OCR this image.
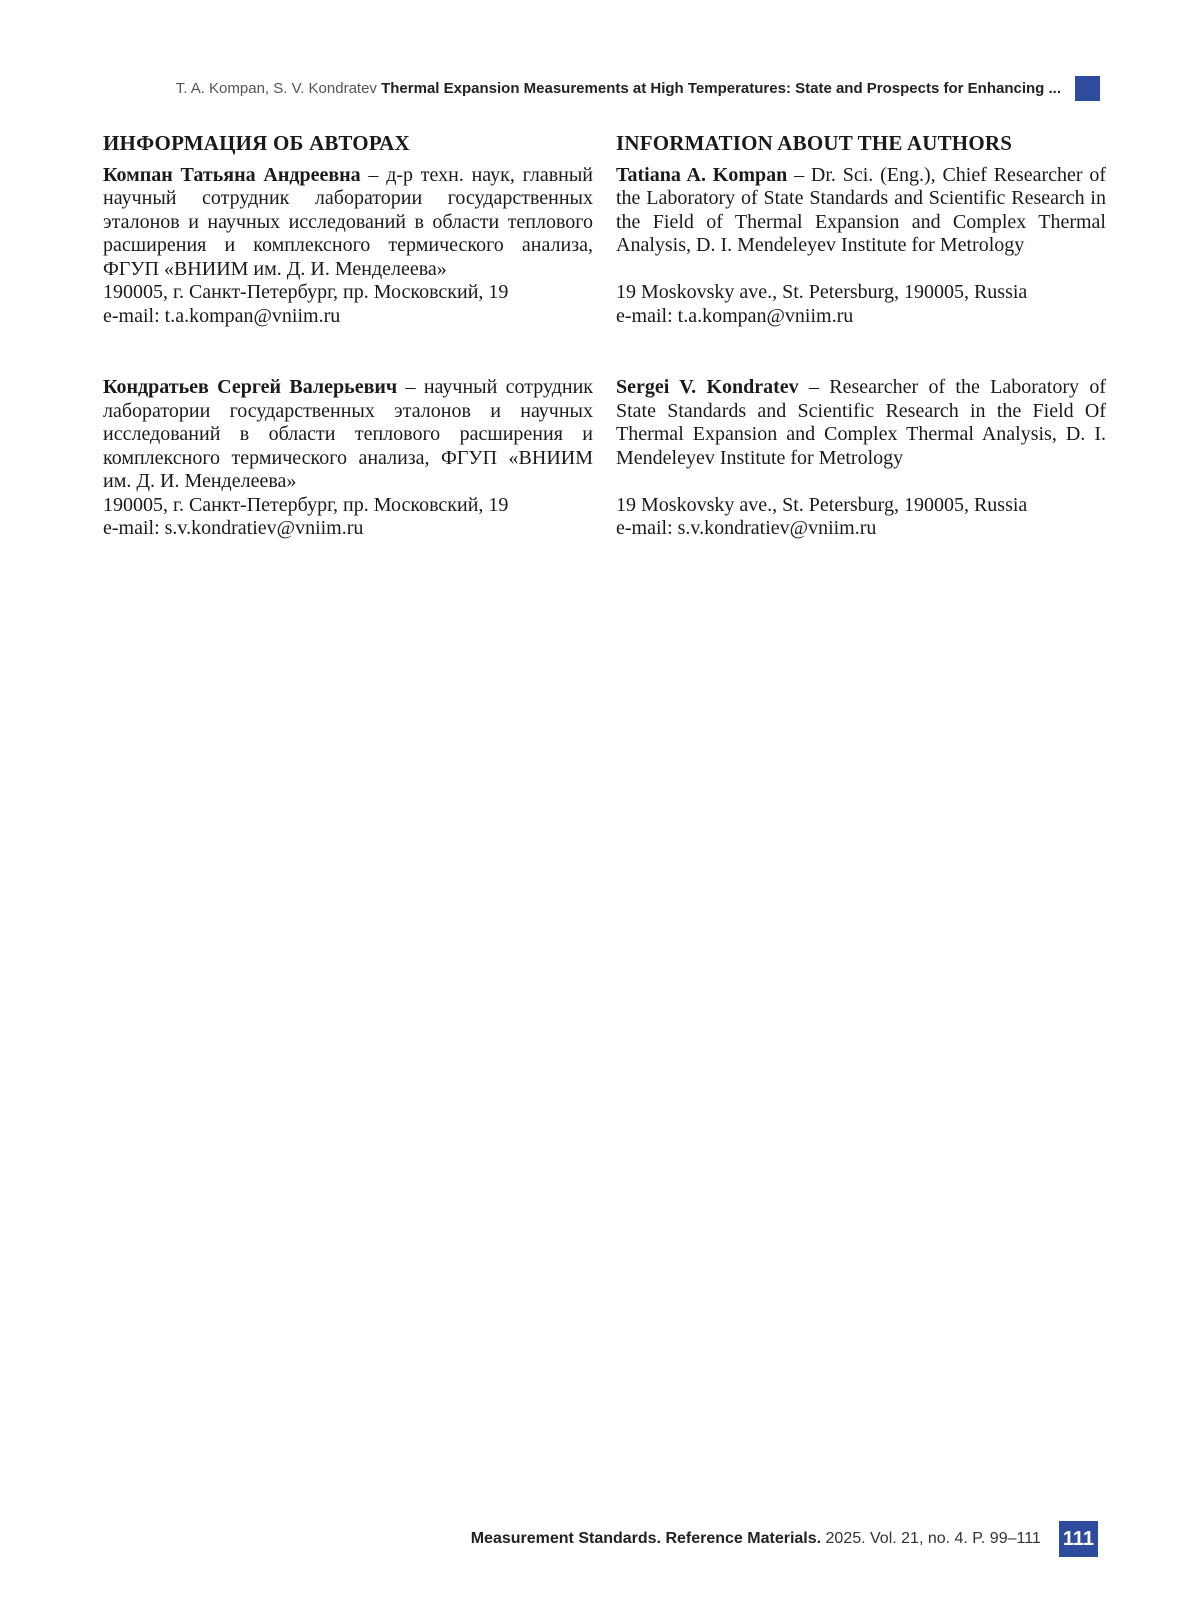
T. A. Kompan, S. V. Kondratev Thermal Expansion Measurements at High Temperatures: State and Prospects for Enhancing ...
ИНФОРМАЦИЯ ОБ АВТОРАХ

Компан Татьяна Андреевна – д-р техн. наук, главный научный сотрудник лаборатории государственных эталонов и научных исследований в области теплового расширения и комплексного термического анализа, ФГУП «ВНИИМ им. Д. И. Менделеева»

190005, г. Санкт-Петербург, пр. Московский, 19

e-mail: t.a.kompan@vniim.ru

Кондратьев Сергей Валерьевич – научный сотрудник лаборатории государственных эталонов и научных исследований в области теплового расширения и комплексного термического анализа, ФГУП «ВНИИМ им. Д. И. Менделеева»

190005, г. Санкт-Петербург, пр. Московский, 19

e-mail: s.v.kondratiev@vniim.ru

INFORMATION ABOUT THE AUTHORS

Tatiana A. Kompan – Dr. Sci. (Eng.), Chief Researcher of the Laboratory of State Standards and Scientific Research in the Field of Thermal Expansion and Complex Thermal Analysis, D. I. Mendeleyev Institute for Metrology

19 Moskovsky ave., St. Petersburg, 190005, Russia

e-mail: t.a.kompan@vniim.ru

Sergei V. Kondratev – Researcher of the Laboratory of State Standards and Scientific Research in the Field Of Thermal Expansion and Complex Thermal Analysis, D. I. Mendeleyev Institute for Metrology

19 Moskovsky ave., St. Petersburg, 190005, Russia

e-mail: s.v.kondratiev@vniim.ru

Measurement Standards. Reference Materials. 2025. Vol. 21, no. 4. P. 99–111 111
